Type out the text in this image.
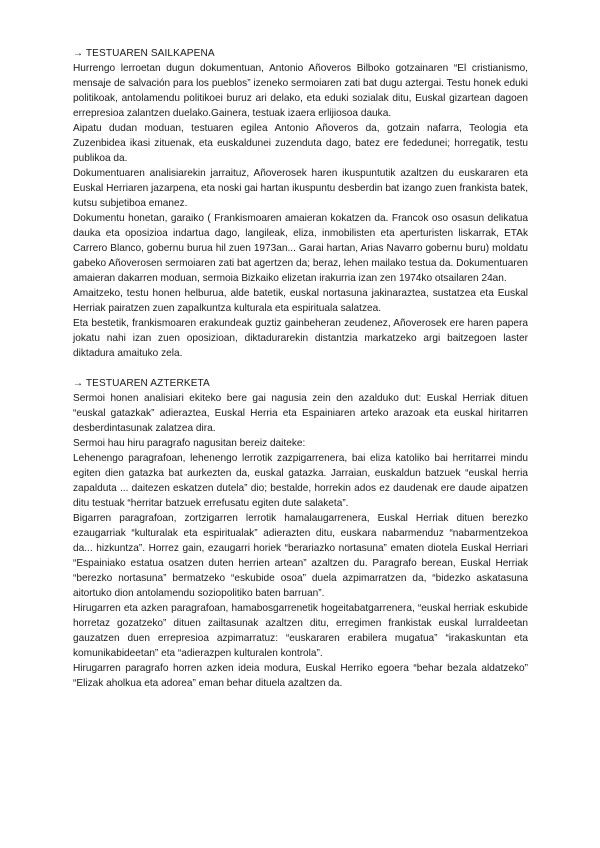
→ TESTUAREN SAILKAPENA

Hurrengo lerroetan dugun dokumentuan, Antonio Añoveros Bilboko gotzainaren “El cristianismo, mensaje de salvación para los pueblos” izeneko sermoiaren zati bat dugu aztergai. Testu honek eduki politikoak, antolamendu politikoei buruz ari delako, eta eduki sozialak ditu, Euskal gizartean dagoen errepresioa zalantzen duelako.Gainera, testuak izaera erlijiosoa dauka.

Aipatu dudan moduan, testuaren egilea Antonio Añoveros da, gotzain nafarra, Teologia eta Zuzenbidea ikasi zituenak, eta euskaldunei zuzenduta dago, batez ere fededunei; horregatik, testu publikoa da.

Dokumentuaren analisiarekin jarraituz, Añoverosek haren ikuspuntutik azaltzen du euskararen eta Euskal Herriaren jazarpena, eta noski gai hartan ikuspuntu desberdin bat izango zuen frankista batek, kutsu subjetiboa emanez.

Dokumentu honetan, garaiko ( Frankismoaren amaieran kokatzen da. Francok oso osasun delikatua dauka eta oposizioa indartua dago, langileak, eliza, inmobilisten eta aperturisten liskarrak, ETAk Carrero Blanco, gobernu burua hil zuen 1973an... Garai hartan, Arias Navarro gobernu buru) moldatu gabeko Añoverosen sermoiaren zati bat agertzen da; beraz, lehen mailako testua da. Dokumentuaren amaieran dakarren moduan, sermoia Bizkaiko elizetan irakurria izan zen 1974ko otsailaren 24an.

Amaitzeko, testu honen helburua, alde batetik, euskal nortasuna jakinaraztea, sustatzea eta Euskal Herriak pairatzen zuen zapalkuntza kulturala eta espirituala salatzea.

Eta bestetik, frankismoaren erakundeak guztiz gainbeheran zeudenez, Añoverosek ere haren papera jokatu nahi izan zuen oposizioan, diktadurarekin distantzia markatzeko argi baitzegoen laster diktadura amaituko zela.

→ TESTUAREN AZTERKETA

Sermoi honen analisiari ekiteko bere gai nagusia zein den azalduko dut: Euskal Herriak dituen “euskal gatazkak” adieraztea, Euskal Herria eta Espainiaren arteko arazoak eta euskal hiritarren desberdintasunak zalatzea dira.

Sermoi hau hiru paragrafo nagusitan bereiz daiteke:

Lehenengo paragrafoan, lehenengo lerrotik zazpigarrenera, bai eliza katoliko bai herritarrei mindu egiten dien gatazka bat aurkezten da, euskal gatazka. Jarraian, euskaldun batzuek “euskal herria zapalduta ... daitezen eskatzen dutela” dio; bestalde, horrekin ados ez daudenak ere daude aipatzen ditu testuak “herritar batzuek errefusatu egiten dute salaketa”.

Bigarren paragrafoan, zortzigarren lerrotik hamalaugarrenera, Euskal Herriak dituen berezko ezaugarriak “kulturalak eta espiritualak” adierazten ditu, euskara nabarmenduz “nabarmentzekoa da... hizkuntza”. Horrez gain, ezaugarri horiek “berariazko nortasuna” ematen diotela Euskal Herriari “Espainiako estatua osatzen duten herrien artean” azaltzen du. Paragrafo berean, Euskal Herriak “berezko nortasuna” bermatzeko “eskubide osoa” duela azpimarratzen da, “bidezko askatasuna aitortuko dion antolamendu soziopolitiko baten barruan”.

Hirugarren eta azken paragrafoan, hamabosgarrenetik hogeitabatgarrenera, “euskal herriak eskubide horretaz gozatzeko” dituen zailtasunak azaltzen ditu, erregimen frankistak euskal lurraldeetan gauzatzen duen errepresioa azpimarratuz: “euskararen erabilera mugatua” “irakaskuntan eta komunikabideetan” eta “adierazpen kulturalen kontrola”.

Hirugarren paragrafo horren azken ideia modura, Euskal Herriko egoera “behar bezala aldatzeko” “Elizak aholkua eta adorea” eman behar dituela azaltzen da.
